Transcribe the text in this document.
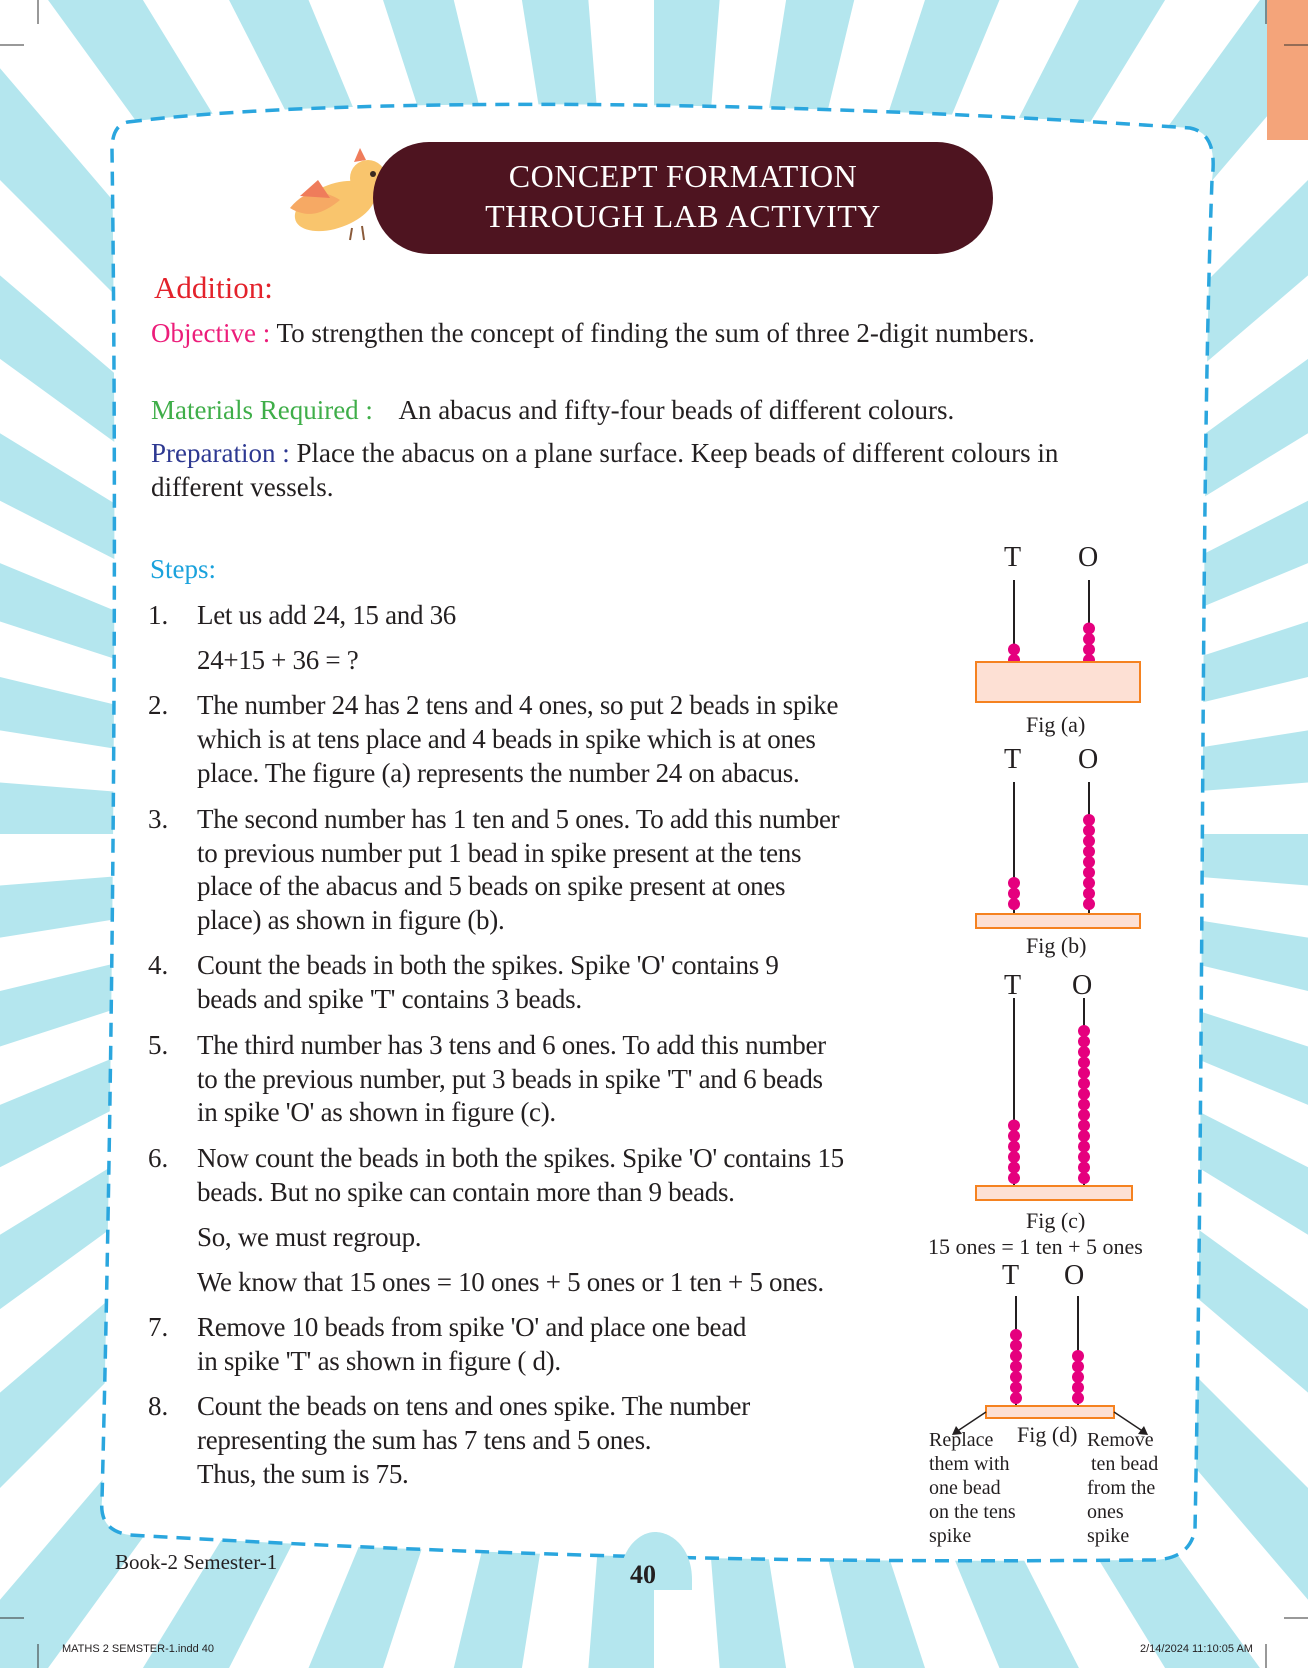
CONCEPT FORMATION
THROUGH LAB ACTIVITY
Addition:
Objective : To strengthen the concept of finding the sum of three 2-digit numbers.
Materials Required : An abacus and fifty-four beads of different colours.
Preparation : Place the abacus on a plane surface. Keep beads of different colours in different vessels.
Steps:
1. Let us add 24, 15 and 36
24+15 + 36 = ?
2. The number 24 has 2 tens and 4 ones, so put 2 beads in spike
which is at tens place and 4 beads in spike which is at ones
place. The figure (a) represents the number 24 on abacus.
3. The second number has 1 ten and 5 ones. To add this number
to previous number put 1 bead in spike present at the tens
place of the abacus and 5 beads on spike present at ones
place) as shown in figure (b).
4. Count the beads in both the spikes. Spike 'O' contains 9
beads and spike 'T' contains 3 beads.
5. The third number has 3 tens and 6 ones. To add this number
to the previous number, put 3 beads in spike 'T' and 6 beads
in spike 'O' as shown in figure (c).
6. Now count the beads in both the spikes. Spike 'O' contains 15
beads. But no spike can contain more than 9 beads.
So, we must regroup.
We know that 15 ones = 10 ones + 5 ones or 1 ten + 5 ones.
7. Remove 10 beads from spike 'O' and place one bead
in spike 'T' as shown in figure ( d).
8. Count the beads on tens and ones spike. The number
representing the sum has 7 tens and 5 ones.
Thus, the sum is 75.
T O
Fig (a)
T O
Fig (b)
T O
Fig (c)
15 ones = 1 ten + 5 ones
T O
Fig (d)
Replace
them with
one bead
on the tens
spike
Remove
ten bead
from the
ones
spike
Book-2 Semester-1	40
MATHS 2 SEMSTER-1.indd 40	2/14/2024 11:10:05 AM
